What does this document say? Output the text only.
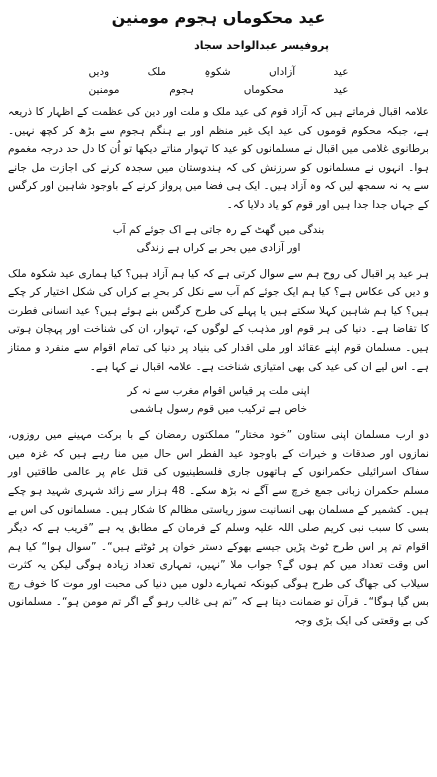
عید محکوماں ہجوم مومنین
پروفیسر عبدالواحد سجاد
عید
آزاداں
شکوہِ
ملک
ودیں
عید
محکوماں
ہجوم
مومنین
علامہ اقبال فرماتے ہیں کہ آزاد قوم کی عید ملک و ملت اور دین کی عظمت کے اظہار کا ذریعہ ہے، جبکہ محکوم قوموں کی عید ایک غیر منظم اور بے ہنگم ہجوم سے بڑھ کر کچھ نہیں۔ برطانوی غلامی میں اقبال نے مسلمانوں کو عید کا تہوار مناتے دیکھا تو اُن کا دل حد درجہ مغموم ہوا۔ انہوں نے مسلمانوں کو سرزنش کی کہ ہندوستان میں سجدہ کرنے کی اجازت مل جانے سے یہ نہ سمجھ لیں کہ وہ آزاد ہیں۔ ایک ہی فضا میں پرواز کرنے کے باوجود شاہین اور کرگس کے جہاں جدا جدا ہیں اور قوم کو یاد دلایا کہ۔
بندگی میں گھٹ کے رہ جاتی ہے اک جوئے کم آب
اور آزادی میں بحر بے کراں ہے زندگی
ہر عید پر اقبال کی روح ہم سے سوال کرتی ہے کہ کیا ہم آزاد ہیں؟ کیا ہماری عید شکوہ ملک و دیں کی عکاس ہے؟ کیا ہم ایک جوئے کم آب سے نکل کر بحرِ بے کراں کی شکل اختیار کر چکے ہیں؟ کیا ہم شاہین کہلا سکتے ہیں یا پہلے کی طرح کرگس بنے ہوئے ہیں؟ عید انسانی فطرت کا تقاضا ہے۔ دنیا کی ہر قوم اور مذہب کے لوگوں کے، تہوار، ان کی شناخت اور پہچان ہوتی ہیں۔ مسلمان قوم اپنے عقائد اور ملی اقدار کی بنیاد پر دنیا کی تمام اقوام سے منفرد و ممتاز ہے۔ اس لیے ان کی عید کی بھی امتیازی شناخت ہے۔ علامہ اقبال نے کہا ہے۔
اپنی ملت پر قیاس اقوام مغرب سے نہ کر
خاص ہے ترکیب میں قوم رسول ہاشمی
دو ارب مسلمان اپنی ستاون ”خود مختار“ مملکتوں رمضان کے با برکت مہینے میں روزوں، نمازوں اور صدقات و خیرات کے باوجود عید الفطر اس حال میں منا رہے ہیں کہ غزہ میں سفاک اسرائیلی حکمرانوں کے ہاتھوں جاری فلسطینیوں کی قتل عام پر عالمی طاقتیں اور مسلم حکمران زبانی جمع خرچ سے آگے نہ بڑھ سکے۔ 48 ہزار سے زائد شہری شہید ہو چکے ہیں۔ کشمیر کے مسلمان بھی انسانیت سوز ریاستی مظالم کا شکار ہیں۔ مسلمانوں کی اس بے بسی کا سبب نبی کریم صلی اللہ علیہ وسلم کے فرمان کے مطابق یہ ہے ”قریب ہے کہ دیگر اقوام تم پر اس طرح ٹوٹ پڑیں جیسے بھوکے دستر خوان پر ٹوٹتے ہیں“۔ ”سوال ہوا“ کیا ہم اس وقت تعداد میں کم ہوں گے؟ جواب ملا ”نہیں، تمہاری تعداد زیادہ ہوگی لیکن یہ کثرت سیلاب کی جھاگ کی طرح ہوگی کیونکہ تمہارے دلوں میں دنیا کی محبت اور موت کا خوف رچ بس گیا ہوگا“۔ قرآن تو ضمانت دیتا ہے کہ ”تم ہی غالب رہو گے اگر تم مومن ہو“۔ مسلمانوں کی بے وقعتی کی ایک بڑی وجہ
